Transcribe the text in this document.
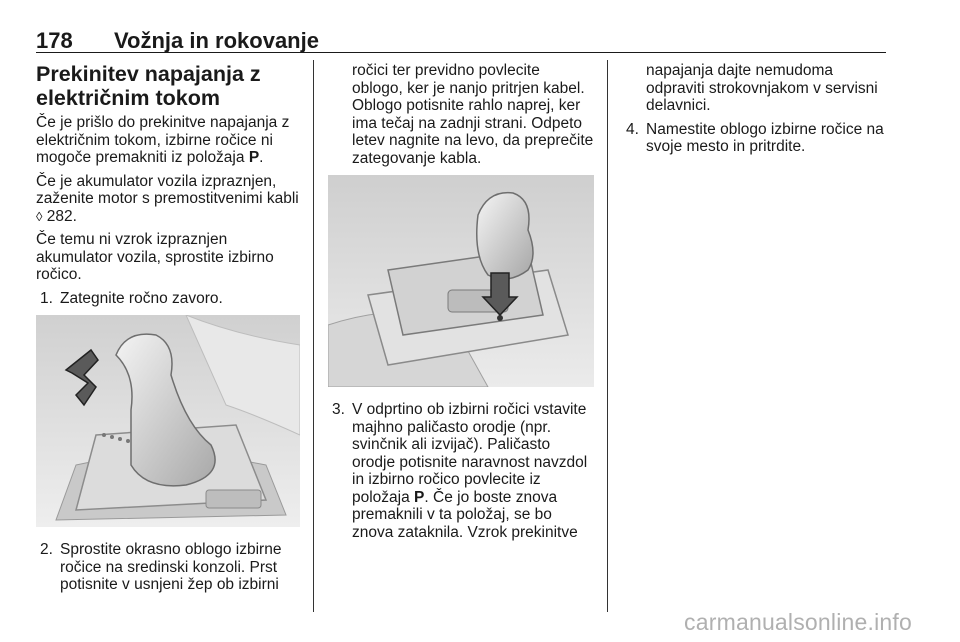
178 Vožnja in rokovanje
Prekinitev napajanja z
električnim tokom

Če je prišlo do prekinitve napajanja z električnim tokom, izbirne ročice ni mogoče premakniti iz položaja P.

Če je akumulator vozila izpraznjen, zaženite motor s premostitvenimi kabli ◊ 282.

Če temu ni vzrok izpraznjen akumulator vozila, sprostite izbirno ročico.

1. Zategnite ročno zavoro.
2. Sprostite okrasno oblogo izbirne ročice na sredinski konzoli. Prst potisnite v usnjeni žep ob izbirni
ročici ter previdno povlecite oblogo, ker je nanjo pritrjen kabel. Oblogo potisnite rahlo naprej, ker ima tečaj na zadnji strani. Odpeto letev nagnite na levo, da preprečite zategovanje kabla.
3. V odprtino ob izbirni ročici vstavite majhno paličasto orodje (npr. svinčnik ali izvijač). Paličasto orodje potisnite naravnost navzdol in izbirno ročico povlecite iz položaja P. Če jo boste znova premaknili v ta položaj, se bo znova zataknila. Vzrok prekinitve
napajanja dajte nemudoma odpraviti strokovnjakom v servisni delavnici.
4. Namestite oblogo izbirne ročice na svoje mesto in pritrdite.
carmanualsonline.info
